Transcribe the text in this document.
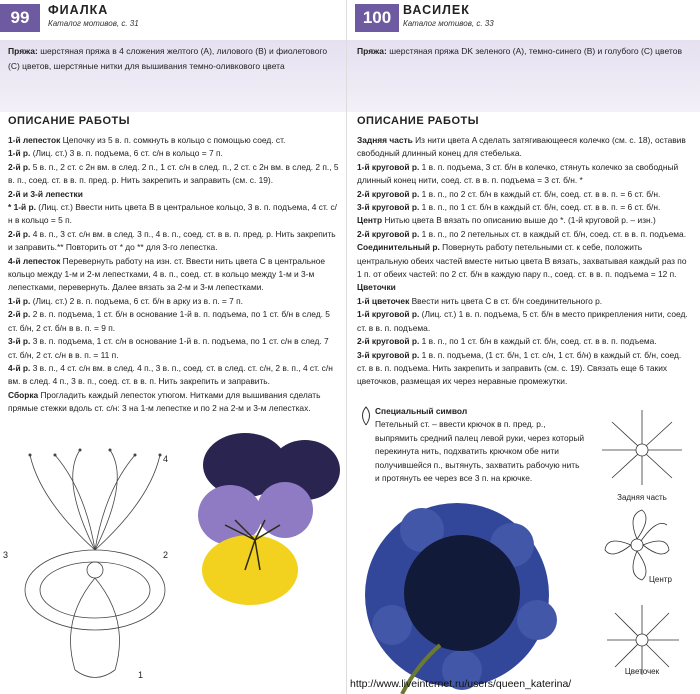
99	ФИАЛКА
Каталог мотивов, с. 31
Пряжа: шерстяная пряжа в 4 сложения желтого (A), лилового (B) и фиолетового (C) цветов, шерстяные нитки для вышивания темно-оливкового цвета
ОПИСАНИЕ РАБОТЫ

1-й лепесток Цепочку из 5 в. п. сомкнуть в кольцо с помощью соед. ст.

1-й р. (Лиц. ст.) 3 в. п. подъема, 6 ст. с/н в кольцо = 7 п.

2-й р. 5 в. п., 2 ст. с 2н вм. в след. 2 п., 1 ст. с/н в след. п., 2 ст. с 2н вм. в след. 2 п., 5 в. п., соед. ст. в в. п. пред. р. Нить закрепить и заправить (см. с. 19).

2-й и 3-й лепестки

* 1-й р. (Лиц. ст.) Ввести нить цвета B в центральное кольцо, 3 в. п. подъема, 4 ст. с/н в кольцо = 5 п.

2-й р. 4 в. п., 3 ст. с/н вм. в след. 3 п., 4 в. п., соед. ст. в в. п. пред. р. Нить закрепить и заправить.** Повторить от * до ** для 3-го лепестка.

4-й лепесток Перевернуть работу на изн. ст. Ввести нить цвета C в центральное кольцо между 1-м и 2-м лепестками, 4 в. п., соед. ст. в кольцо между 1-м и 3-м лепестками, перевернуть. Далее вязать за 2-м и 3-м лепестками.

1-й р. (Лиц. ст.) 2 в. п. подъема, 6 ст. б/н в арку из в. п. = 7 п.

2-й р. 2 в. п. подъема, 1 ст. б/н в основание 1-й в. п. подъема, по 1 ст. б/н в след. 5 ст. б/н, 2 ст. б/н в в. п. = 9 п.

3-й р. 3 в. п. подъема, 1 ст. с/н в основание 1-й в. п. подъема, по 1 ст. с/н в след. 7 ст. б/н, 2 ст. с/н в в. п. = 11 п.

4-й р. 3 в. п., 4 ст. с/н вм. в след. 4 п., 3 в. п., соед. ст. в след. ст. с/н, 2 в. п., 4 ст. с/н вм. в след. 4 п., 3 в. п., соед. ст. в в. п. Нить закрепить и заправить.

Сборка Прогладить каждый лепесток утюгом. Нитками для вышивания сделать прямые стежки вдоль ст. с/н: 3 на 1-м лепестке и по 2 на 2-м и 3-м лепестках.

4
3	2
1
100 ВАСИЛЕК
Каталог мотивов, с. 33
Пряжа: шерстяная пряжа DK зеленого (A), темно-синего (B) и голубого (C) цветов
ОПИСАНИЕ РАБОТЫ

Задняя часть Из нити цвета A сделать затягивающееся колечко (см. с. 18), оставив свободный длинный конец для стебелька.

1-й круговой р. 1 в. п. подъема, 3 ст. б/н в колечко, стянуть колечко за свободный длинный конец нити, соед. ст. в в. п. подъема = 3 ст. б/н. *

2-й круговой р. 1 в. п., по 2 ст. б/н в каждый ст. б/н, соед. ст. в в. п. = 6 ст. б/н.

3-й круговой р. 1 в. п., по 1 ст. б/н в каждый ст. б/н, соед. ст. в в. п. = 6 ст. б/н.

Центр Нитью цвета B вязать по описанию выше до *. (1-й круговой р. – изн.)

2-й круговой р. 1 в. п., по 2 петельных ст. в каждый ст. б/н, соед. ст. в в. п. подъема.

Соединительный р. Повернуть работу петельными ст. к себе, положить центральную обеих частей вместе нитью цвета B вязать, захватывая каждый раз по 1 п. от обеих частей: по 2 ст. б/н в каждую пару п., соед. ст. в в. п. подъема = 12 п.

Цветочки

1-й цветочек Ввести нить цвета C в ст. б/н соединительного р.

1-й круговой р. (Лиц. ст.) 1 в. п. подъема, 5 ст. б/н в место прикрепления нити, соед. ст. в в. п. подъема.

2-й круговой р. 1 в. п., по 1 ст. б/н в каждый ст. б/н, соед. ст. в в. п. подъема.

3-й круговой р. 1 в. п. подъема, (1 ст. б/н, 1 ст. с/н, 1 ст. б/н) в каждый ст. б/н, соед. ст. в в. п. подъема. Нить закрепить и заправить (см. с. 19). Связать еще 6 таких цветочков, размещая их через неравные промежутки.

Специальный символ

Петельный ст. – ввести крючок в п. пред. р., выпрямить средний палец левой руки, через который перекинута нить, подхватить крючком обе нити получившейся п., вытянуть, захватить рабочую нить и протянуть ее через все 3 п. на крючке.

Задняя часть
Центр
Цветочек
http://www.liveinternet.ru/users/queen_katerina/
